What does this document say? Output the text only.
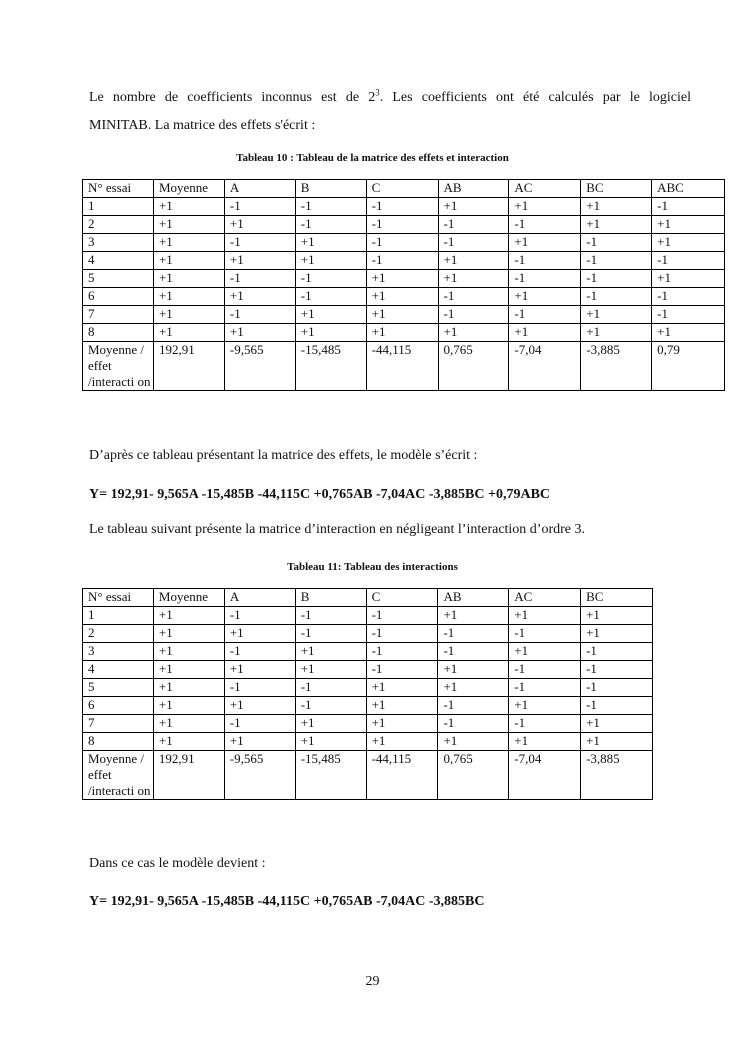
Le nombre de coefficients inconnus est de $2^3$. Les coefficients ont été calculés par le logiciel
MINITAB. La matrice des effets s'écrit :
Tableau 10 : Tableau de la matrice des effets et interaction
N° essai	Moyenne	A	B	C	AB	AC	BC	ABC
1	+1	-1	-1	-1	+1	+1	+1	-1
2	+1	+1	-1	-1	-1	-1	+1	+1
3	+1	-1	+1	-1	-1	+1	-1	+1
4	+1	+1	+1	-1	+1	-1	-1	-1
5	+1	-1	-1	+1	+1	-1	-1	+1
6	+1	+1	-1	+1	-1	+1	-1	-1
7	+1	-1	+1	+1	-1	-1	+1	-1
8	+1	+1	+1	+1	+1	+1	+1	+1
Moyenne / effet /interacti on	192,91	-9,565	-15,485	-44,115	0,765	-7,04	-3,885	0,79
D’après ce tableau présentant la matrice des effets, le modèle s’écrit :
Y= 192,91- 9,565A -15,485B -44,115C +0,765AB -7,04AC -3,885BC +0,79ABC
Le tableau suivant présente la matrice d’interaction en négligeant l’interaction d’ordre 3.
Tableau 11: Tableau des interactions
N° essai	Moyenne	A	B	C	AB	AC	BC
1	+1	-1	-1	-1	+1	+1	+1
2	+1	+1	-1	-1	-1	-1	+1
3	+1	-1	+1	-1	-1	+1	-1
4	+1	+1	+1	-1	+1	-1	-1
5	+1	-1	-1	+1	+1	-1	-1
6	+1	+1	-1	+1	-1	+1	-1
7	+1	-1	+1	+1	-1	-1	+1
8	+1	+1	+1	+1	+1	+1	+1
Moyenne / effet /interacti on	192,91	-9,565	-15,485	-44,115	0,765	-7,04	-3,885
Dans ce cas le modèle devient :
Y= 192,91- 9,565A -15,485B -44,115C +0,765AB -7,04AC -3,885BC
29
